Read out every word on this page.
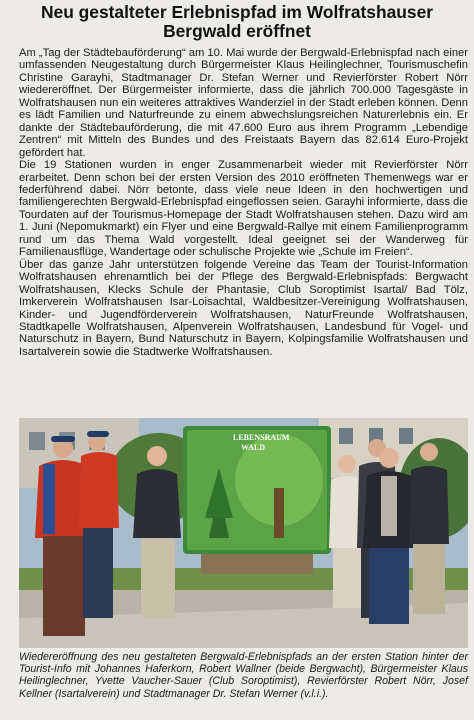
Neu gestalteter Erlebnispfad im Wolfratshauser
Bergwald eröffnet

Am „Tag der Städtebauförderung“ am 10. Mai wurde der Bergwald-Erlebnispfad nach einer umfassenden Neugestaltung durch Bürgermeister Klaus Heilinglechner, Tourismuschefin Christine Garayhi, Stadtmanager Dr. Stefan Werner und Revierförster Robert Nörr wiedereröffnet. Der Bürgermeister informierte, dass die jährlich 700.000 Tagesgäste in Wolfratshausen nun ein weiteres attraktives Wanderziel in der Stadt erleben können. Denn es lädt Familien und Naturfreunde zu einem abwechslungsreichen Naturerlebnis ein. Er dankte der Städtebauförderung, die mit 47.600 Euro aus ihrem Programm „Lebendige Zentren“ mit Mitteln des Bundes und des Freistaats Bayern das 82.614 Euro-Projekt gefördert hat.

Die 19 Stationen wurden in enger Zusammenarbeit wieder mit Revierförster Nörr erarbeitet. Denn schon bei der ersten Version des 2010 eröffneten Themenwegs war er federführend dabei. Nörr betonte, dass viele neue Ideen in den hochwertigen und familiengerechten Bergwald-Erlebnispfad eingeflossen seien. Garayhi informierte, dass die Tourdaten auf der Tourismus-Homepage der Stadt Wolfratshausen stehen. Dazu wird am 1. Juni (Nepomukmarkt) ein Flyer und eine Bergwald-Rallye mit einem Familienprogramm rund um das Thema Wald vorgestellt. Ideal geeignet sei der Wanderweg für Familienausflüge, Wandertage oder schulische Projekte wie „Schule im Freien“.

Über das ganze Jahr unterstützen folgende Vereine das Team der Tourist-Information Wolfratshausen ehrenamtlich bei der Pflege des Bergwald-Erlebnispfads: Bergwacht Wolfratshausen, Klecks Schule der Phantasie, Club Soroptimist Isartal/ Bad Tölz, Imkerverein Wolfratshausen Isar-Loisachtal, Waldbesitzer-Vereinigung Wolfratshausen, Kinder- und Jugendförderverein Wolfratshausen, NaturFreunde Wolfratshausen, Stadtkapelle Wolfratshausen, Alpenverein Wolfratshausen, Landesbund für Vogel- und Naturschutz in Bayern, Bund Naturschutz in Bayern, Kolpingsfamilie Wolfratshausen und Isartalverein sowie die Stadtwerke Wolfratshausen.

LEBENSRAUM
WALD

Wiedereröffnung des neu gestalteten Bergwald-Erlebnispfads an der ersten Station hinter der Tourist-Info mit Johannes Haferkorn, Robert Wallner (beide Bergwacht), Bürgermeister Klaus Heilinglechner, Yvette Vaucher-Sauer (Club Soroptimist), Revierförster Robert Nörr, Josef Kellner (Isartalverein) und Stadtmanager Dr. Stefan Werner (v.l.i.).
